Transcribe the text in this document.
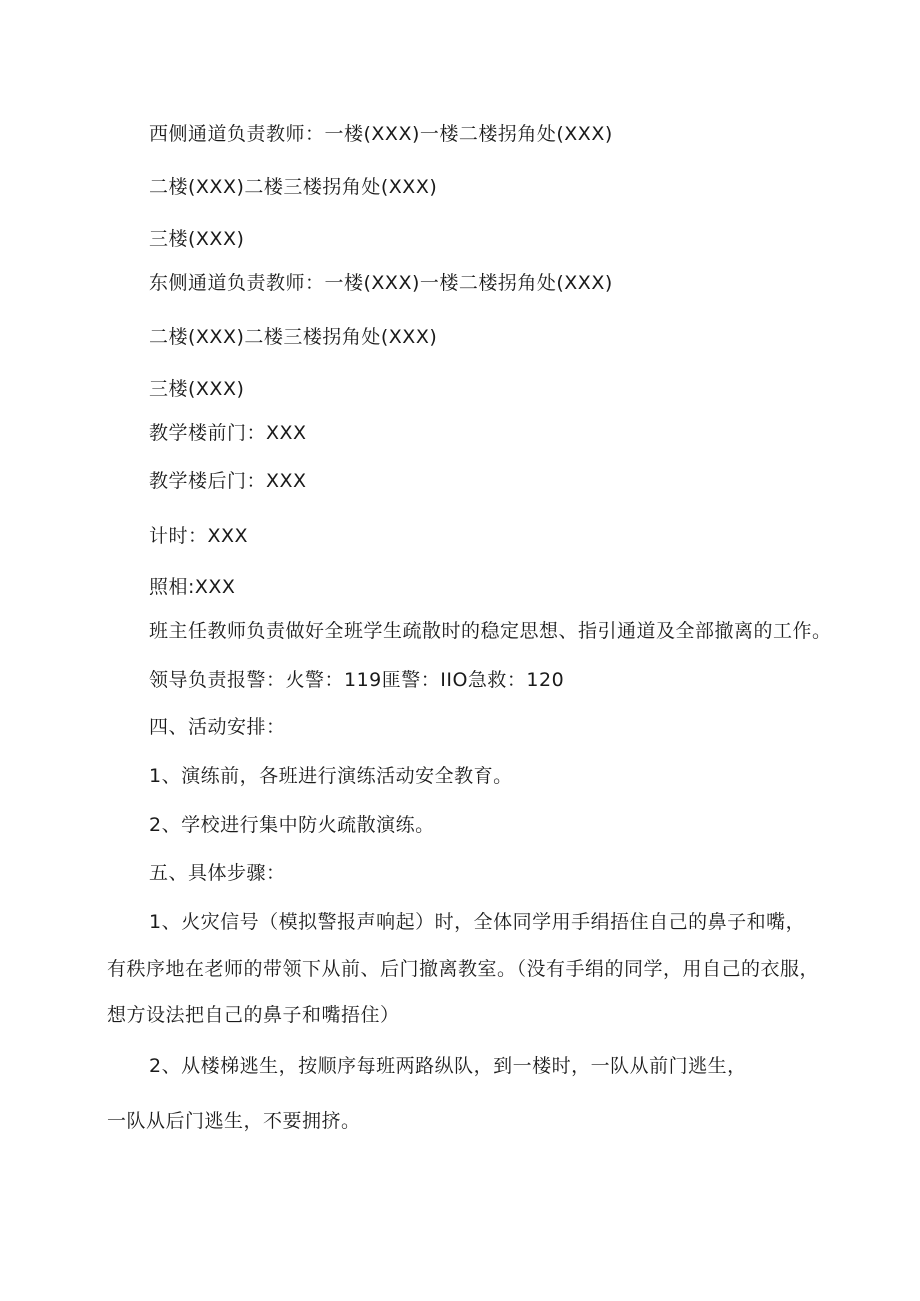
西侧通道负责教师：一楼(XXX)一楼二楼拐角处(XXX)
二楼(XXX)二楼三楼拐角处(XXX)
三楼(XXX)
东侧通道负责教师：一楼(XXX)一楼二楼拐角处(XXX)
二楼(XXX)二楼三楼拐角处(XXX)
三楼(XXX)
教学楼前门：XXX
教学楼后门：XXX
计时：XXX
照相:XXX
班主任教师负责做好全班学生疏散时的稳定思想、指引通道及全部撤离的工作。
领导负责报警：火警：119匪警：IIO急救：120
四、活动安排：
1、演练前，各班进行演练活动安全教育。
2、学校进行集中防火疏散演练。
五、具体步骤：
1、火灾信号（模拟警报声响起）时，全体同学用手绢捂住自己的鼻子和嘴，
有秩序地在老师的带领下从前、后门撤离教室。（没有手绢的同学，用自己的衣服，
想方设法把自己的鼻子和嘴捂住）
2、从楼梯逃生，按顺序每班两路纵队，到一楼时，一队从前门逃生，
一队从后门逃生，不要拥挤。
